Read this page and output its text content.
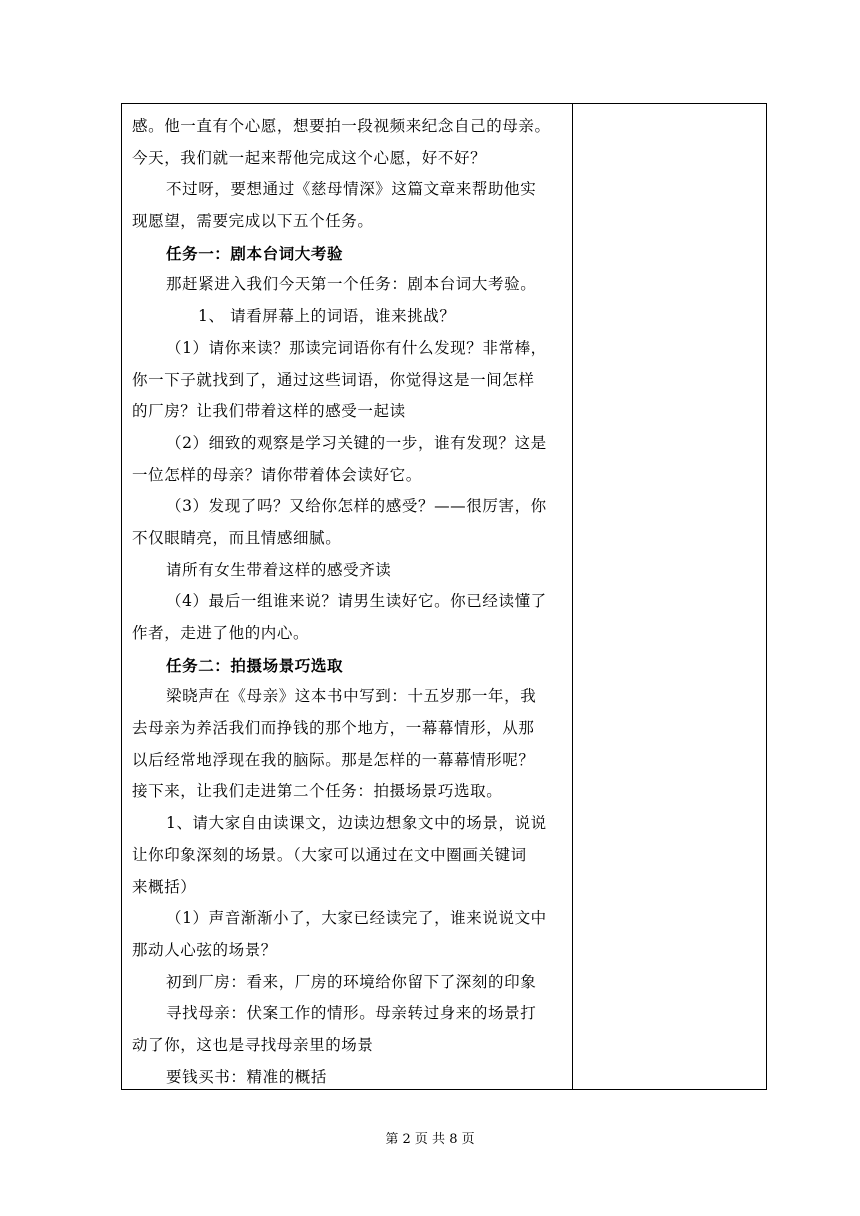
感。他一直有个心愿，想要拍一段视频来纪念自己的母亲。
今天，我们就一起来帮他完成这个心愿，好不好？
不过呀，要想通过《慈母情深》这篇文章来帮助他实
现愿望，需要完成以下五个任务。
任务一：剧本台词大考验
那赶紧进入我们今天第一个任务：剧本台词大考验。
1、 请看屏幕上的词语，谁来挑战？
（1）请你来读？那读完词语你有什么发现？非常棒，
你一下子就找到了，通过这些词语，你觉得这是一间怎样
的厂房？让我们带着这样的感受一起读
（2）细致的观察是学习关键的一步，谁有发现？这是
一位怎样的母亲？请你带着体会读好它。
（3）发现了吗？又给你怎样的感受？——很厉害，你
不仅眼睛亮，而且情感细腻。
请所有女生带着这样的感受齐读
（4）最后一组谁来说？请男生读好它。你已经读懂了
作者，走进了他的内心。
任务二：拍摄场景巧选取
梁晓声在《母亲》这本书中写到：十五岁那一年，我
去母亲为养活我们而挣钱的那个地方，一幕幕情形，从那
以后经常地浮现在我的脑际。那是怎样的一幕幕情形呢？
接下来，让我们走进第二个任务：拍摄场景巧选取。
1、请大家自由读课文，边读边想象文中的场景，说说
让你印象深刻的场景。（大家可以通过在文中圈画关键词
来概括）
（1）声音渐渐小了，大家已经读完了，谁来说说文中
那动人心弦的场景？
初到厂房：看来，厂房的环境给你留下了深刻的印象
寻找母亲：伏案工作的情形。母亲转过身来的场景打
动了你，这也是寻找母亲里的场景
要钱买书：精准的概括
第 2 页 共 8 页
